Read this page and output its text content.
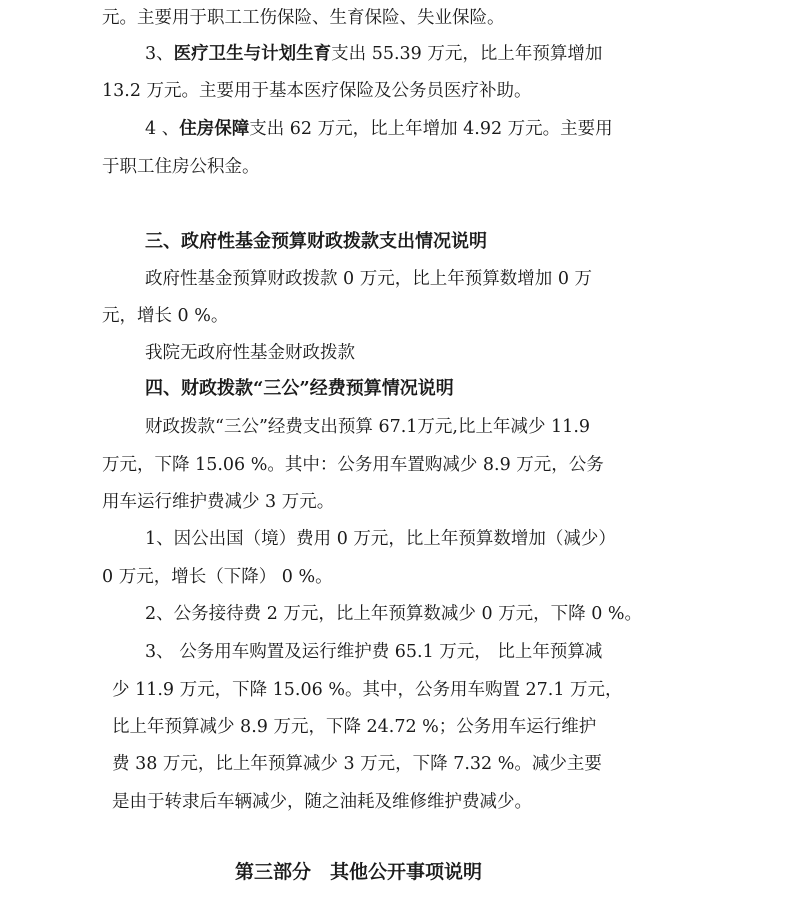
元。主要用于职工工伤保险、生育保险、失业保险。
3、医疗卫生与计划生育支出 55.39 万元，比上年预算增加
13.2 万元。主要用于基本医疗保险及公务员医疗补助。
4 、住房保障支出 62 万元，比上年增加 4.92 万元。主要用
于职工住房公积金。
三、政府性基金预算财政拨款支出情况说明
政府性基金预算财政拨款 0 万元，比上年预算数增加 0 万
元，增长 0 %。
我院无政府性基金财政拨款
四、财政拨款“三公”经费预算情况说明
财政拨款“三公”经费支出预算 67.1万元,比上年减少 11.9
万元，下降 15.06 %。其中：公务用车置购减少 8.9 万元，公务
用车运行维护费减少 3 万元。
1、因公出国（境）费用 0 万元，比上年预算数增加（减少）
0 万元，增长（下降） 0 %。
2、公务接待费 2 万元，比上年预算数减少 0 万元，下降 0 %。
3、 公务用车购置及运行维护费 65.1 万元， 比上年预算减
少 11.9 万元，下降 15.06 %。其中，公务用车购置 27.1 万元，
比上年预算减少 8.9 万元，下降 24.72 %；公务用车运行维护
费 38 万元，比上年预算减少 3 万元，下降 7.32 %。减少主要
是由于转隶后车辆减少，随之油耗及维修维护费减少。
第三部分　其他公开事项说明
